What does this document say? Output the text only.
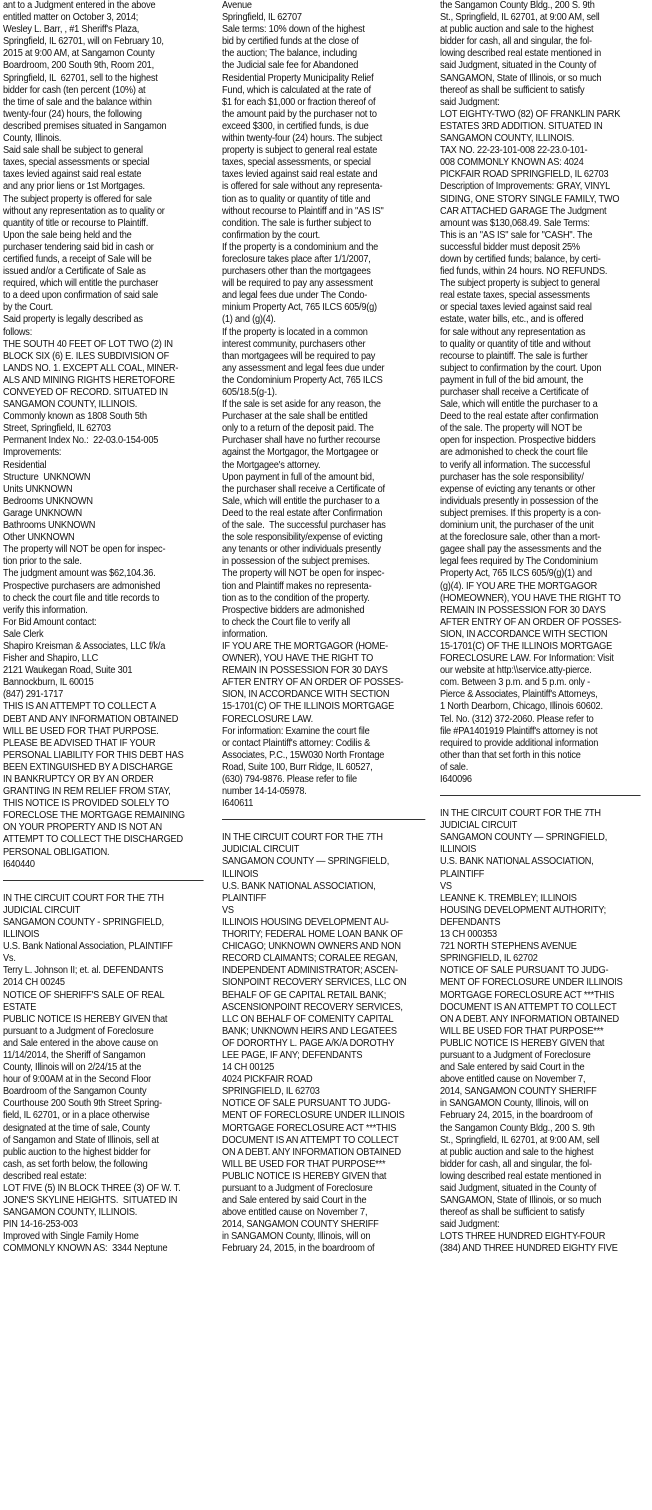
ant to a Judgment entered in the above
entitled matter on October 3, 2014;
Wesley L. Barr, , #1 Sheriff's Plaza,
Springfield, IL 62701, will on February 10,
2015 at 9:00 AM, at Sangamon County
Boardroom, 200 South 9th, Room 201,
Springfield, IL  62701, sell to the highest
bidder for cash (ten percent (10%) at
the time of sale and the balance within
twenty-four (24) hours, the following
described premises situated in Sangamon
County, Illinois.
Said sale shall be subject to general
taxes, special assessments or special
taxes levied against said real estate
and any prior liens or 1st Mortgages.
The subject property is offered for sale
without any representation as to quality or
quantity of title or recourse to Plaintiff.
Upon the sale being held and the
purchaser tendering said bid in cash or
certified funds, a receipt of Sale will be
issued and/or a Certificate of Sale as
required, which will entitle the purchaser
to a deed upon confirmation of said sale
by the Court.
Said property is legally described as
follows:
THE SOUTH 40 FEET OF LOT TWO (2) IN
BLOCK SIX (6) E. ILES SUBDIVISION OF
LANDS NO. 1. EXCEPT ALL COAL, MINER-
ALS AND MINING RIGHTS HERETOFORE
CONVEYED OF RECORD. SITUATED IN
SANGAMON COUNTY, ILLINOIS.
Commonly known as 1808 South 5th
Street, Springfield, IL 62703
Permanent Index No.:  22-03.0-154-005
Improvements:
Residential
Structure  UNKNOWN
Units UNKNOWN
Bedrooms UNKNOWN
Garage UNKNOWN
Bathrooms UNKNOWN
Other UNKNOWN
The property will NOT be open for inspec-
tion prior to the sale.
The judgment amount was $62,104.36.
Prospective purchasers are admonished
to check the court file and title records to
verify this information.
For Bid Amount contact:
Sale Clerk
Shapiro Kreisman & Associates, LLC f/k/a
Fisher and Shapiro, LLC
2121 Waukegan Road, Suite 301
Bannockburn, IL 60015
(847) 291-1717
THIS IS AN ATTEMPT TO COLLECT A
DEBT AND ANY INFORMATION OBTAINED
WILL BE USED FOR THAT PURPOSE.
PLEASE BE ADVISED THAT IF YOUR
PERSONAL LIABILITY FOR THIS DEBT HAS
BEEN EXTINGUISHED BY A DISCHARGE
IN BANKRUPTCY OR BY AN ORDER
GRANTING IN REM RELIEF FROM STAY,
THIS NOTICE IS PROVIDED SOLELY TO
FORECLOSE THE MORTGAGE REMAINING
ON YOUR PROPERTY AND IS NOT AN
ATTEMPT TO COLLECT THE DISCHARGED
PERSONAL OBLIGATION.
I640440
IN THE CIRCUIT COURT FOR THE 7TH
JUDICIAL CIRCUIT
SANGAMON COUNTY - SPRINGFIELD,
ILLINOIS
U.S. Bank National Association, PLAINTIFF
Vs.
Terry L. Johnson II; et. al. DEFENDANTS
2014 CH 00245
NOTICE OF SHERIFF'S SALE OF REAL
ESTATE
PUBLIC NOTICE IS HEREBY GIVEN that
pursuant to a Judgment of Foreclosure
and Sale entered in the above cause on
11/14/2014, the Sheriff of Sangamon
County, Illinois will on 2/24/15 at the
hour of 9:00AM at in the Second Floor
Boardroom of the Sangamon County
Courthouse 200 South 9th Street Spring-
field, IL 62701, or in a place otherwise
designated at the time of sale, County
of Sangamon and State of Illinois, sell at
public auction to the highest bidder for
cash, as set forth below, the following
described real estate:
LOT FIVE (5) IN BLOCK THREE (3) OF W. T.
JONE'S SKYLINE HEIGHTS.  SITUATED IN
SANGAMON COUNTY, ILLINOIS.
PIN 14-16-253-003
Improved with Single Family Home
COMMONLY KNOWN AS:  3344 Neptune
Avenue
Springfield, IL 62707
Sale terms: 10% down of the highest
bid by certified funds at the close of
the auction; The balance, including
the Judicial sale fee for Abandoned
Residential Property Municipality Relief
Fund, which is calculated at the rate of
$1 for each $1,000 or fraction thereof of
the amount paid by the purchaser not to
exceed $300, in certified funds, is due
within twenty-four (24) hours. The subject
property is subject to general real estate
taxes, special assessments, or special
taxes levied against said real estate and
is offered for sale without any representa-
tion as to quality or quantity of title and
without recourse to Plaintiff and in "AS IS"
condition. The sale is further subject to
confirmation by the court.
If the property is a condominium and the
foreclosure takes place after 1/1/2007,
purchasers other than the mortgagees
will be required to pay any assessment
and legal fees due under The Condo-
minium Property Act, 765 ILCS 605/9(g)
(1) and (g)(4).
If the property is located in a common
interest community, purchasers other
than mortgagees will be required to pay
any assessment and legal fees due under
the Condominium Property Act, 765 ILCS
605/18.5(g-1).
If the sale is set aside for any reason, the
Purchaser at the sale shall be entitled
only to a return of the deposit paid. The
Purchaser shall have no further recourse
against the Mortgagor, the Mortgagee or
the Mortgagee's attorney.
Upon payment in full of the amount bid,
the purchaser shall receive a Certificate of
Sale, which will entitle the purchaser to a
Deed to the real estate after Confirmation
of the sale.  The successful purchaser has
the sole responsibility/expense of evicting
any tenants or other individuals presently
in possession of the subject premises.
The property will NOT be open for inspec-
tion and Plaintiff makes no representa-
tion as to the condition of the property.
Prospective bidders are admonished
to check the Court file to verify all
information.
IF YOU ARE THE MORTGAGOR (HOME-
OWNER), YOU HAVE THE RIGHT TO
REMAIN IN POSSESSION FOR 30 DAYS
AFTER ENTRY OF AN ORDER OF POSSES-
SION, IN ACCORDANCE WITH SECTION
15-1701(C) OF THE ILLINOIS MORTGAGE
FORECLOSURE LAW.
For information: Examine the court file
or contact Plaintiff's attorney: Codilis &
Associates, P.C., 15W030 North Frontage
Road, Suite 100, Burr Ridge, IL 60527,
(630) 794-9876. Please refer to file
number 14-14-05978.
I640611
IN THE CIRCUIT COURT FOR THE 7TH
JUDICIAL CIRCUIT
SANGAMON COUNTY — SPRINGFIELD,
ILLINOIS
U.S. BANK NATIONAL ASSOCIATION,
PLAINTIFF
VS
ILLINOIS HOUSING DEVELOPMENT AU-
THORITY; FEDERAL HOME LOAN BANK OF
CHICAGO; UNKNOWN OWNERS AND NON
RECORD CLAIMANTS; CORALEE REGAN,
INDEPENDENT ADMINISTRATOR; ASCEN-
SIONPOINT RECOVERY SERVICES, LLC ON
BEHALF OF GE CAPITAL RETAIL BANK;
ASCENSIONPOINT RECOVERY SERVICES,
LLC ON BEHALF OF COMENITY CAPITAL
BANK; UNKNOWN HEIRS AND LEGATEES
OF DORORTHY L. PAGE A/K/A DOROTHY
LEE PAGE, IF ANY; DEFENDANTS
14 CH 00125
4024 PICKFAIR ROAD
SPRINGFIELD, IL 62703
NOTICE OF SALE PURSUANT TO JUDG-
MENT OF FORECLOSURE UNDER ILLINOIS
MORTGAGE FORECLOSURE ACT ***THIS
DOCUMENT IS AN ATTEMPT TO COLLECT
ON A DEBT. ANY INFORMATION OBTAINED
WILL BE USED FOR THAT PURPOSE***
PUBLIC NOTICE IS HEREBY GIVEN that
pursuant to a Judgment of Foreclosure
and Sale entered by said Court in the
above entitled cause on November 7,
2014, SANGAMON COUNTY SHERIFF
in SANGAMON County, Illinois, will on
February 24, 2015, in the boardroom of
the Sangamon County Bldg., 200 S. 9th
St., Springfield, IL 62701, at 9:00 AM, sell
at public auction and sale to the highest
bidder for cash, all and singular, the fol-
lowing described real estate mentioned in
said Judgment, situated in the County of
SANGAMON, State of Illinois, or so much
thereof as shall be sufficient to satisfy
said Judgment:
LOT EIGHTY-TWO (82) OF FRANKLIN PARK
ESTATES 3RD ADDITION. SITUATED IN
SANGAMON COUNTY, ILLINOIS.
TAX NO. 22-23-101-008 22-23.0-101-
008 COMMONLY KNOWN AS: 4024
PICKFAIR ROAD SPRINGFIELD, IL 62703
Description of Improvements: GRAY, VINYL
SIDING, ONE STORY SINGLE FAMILY, TWO
CAR ATTACHED GARAGE The Judgment
amount was $130,068.49. Sale Terms:
This is an "AS IS" sale for "CASH". The
successful bidder must deposit 25%
down by certified funds; balance, by certi-
fied funds, within 24 hours. NO REFUNDS.
The subject property is subject to general
real estate taxes, special assessments
or special taxes levied against said real
estate, water bills, etc., and is offered
for sale without any representation as
to quality or quantity of title and without
recourse to plaintiff. The sale is further
subject to confirmation by the court. Upon
payment in full of the bid amount, the
purchaser shall receive a Certificate of
Sale, which will entitle the purchaser to a
Deed to the real estate after confirmation
of the sale. The property will NOT be
open for inspection. Prospective bidders
are admonished to check the court file
to verify all information. The successful
purchaser has the sole responsibility/
expense of evicting any tenants or other
individuals presently in possession of the
subject premises. If this property is a con-
dominium unit, the purchaser of the unit
at the foreclosure sale, other than a mort-
gagee shall pay the assessments and the
legal fees required by The Condominium
Property Act, 765 ILCS 605/9(g)(1) and
(g)(4). IF YOU ARE THE MORTGAGOR
(HOMEOWNER), YOU HAVE THE RIGHT TO
REMAIN IN POSSESSION FOR 30 DAYS
AFTER ENTRY OF AN ORDER OF POSSES-
SION, IN ACCORDANCE WITH SECTION
15-1701(C) OF THE ILLINOIS MORTGAGE
FORECLOSURE LAW. For Information: Visit
our website at http:\\service.atty-pierce.
com. Between 3 p.m. and 5 p.m. only -
Pierce & Associates, Plaintiff's Attorneys,
1 North Dearborn, Chicago, Illinois 60602.
Tel. No. (312) 372-2060. Please refer to
file #PA1401919 Plaintiff's attorney is not
required to provide additional information
other than that set forth in this notice
of sale.
I640096
IN THE CIRCUIT COURT FOR THE 7TH
JUDICIAL CIRCUIT
SANGAMON COUNTY — SPRINGFIELD,
ILLINOIS
U.S. BANK NATIONAL ASSOCIATION,
PLAINTIFF
VS
LEANNE K. TREMBLEY; ILLINOIS
HOUSING DEVELOPMENT AUTHORITY;
DEFENDANTS
13 CH 000353
721 NORTH STEPHENS AVENUE
SPRINGFIELD, IL 62702
NOTICE OF SALE PURSUANT TO JUDG-
MENT OF FORECLOSURE UNDER ILLINOIS
MORTGAGE FORECLOSURE ACT ***THIS
DOCUMENT IS AN ATTEMPT TO COLLECT
ON A DEBT. ANY INFORMATION OBTAINED
WILL BE USED FOR THAT PURPOSE***
PUBLIC NOTICE IS HEREBY GIVEN that
pursuant to a Judgment of Foreclosure
and Sale entered by said Court in the
above entitled cause on November 7,
2014, SANGAMON COUNTY SHERIFF
in SANGAMON County, Illinois, will on
February 24, 2015, in the boardroom of
the Sangamon County Bldg., 200 S. 9th
St., Springfield, IL 62701, at 9:00 AM, sell
at public auction and sale to the highest
bidder for cash, all and singular, the fol-
lowing described real estate mentioned in
said Judgment, situated in the County of
SANGAMON, State of Illinois, or so much
thereof as shall be sufficient to satisfy
said Judgment:
LOTS THREE HUNDRED EIGHTY-FOUR
(384) AND THREE HUNDRED EIGHTY FIVE
